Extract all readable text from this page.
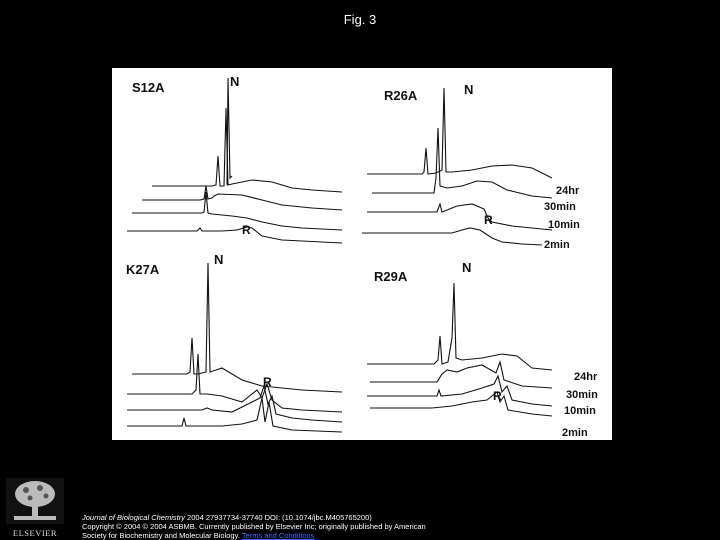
Fig. 3
S12A	N
R
R26A	N
R
24hr
30min
10min
2min
K27A
N
R
R29A
N
R
24hr
30min
10min
2min
ELSEVIER
Journal of Biological Chemistry 2004 27937734-37740 DOI: (10.1074/jbc.M405765200)
Copyright © 2004 © 2004 ASBMB. Currently published by Elsevier Inc; originally published by American
Society for Biochemistry and Molecular Biology. Terms and Conditions
